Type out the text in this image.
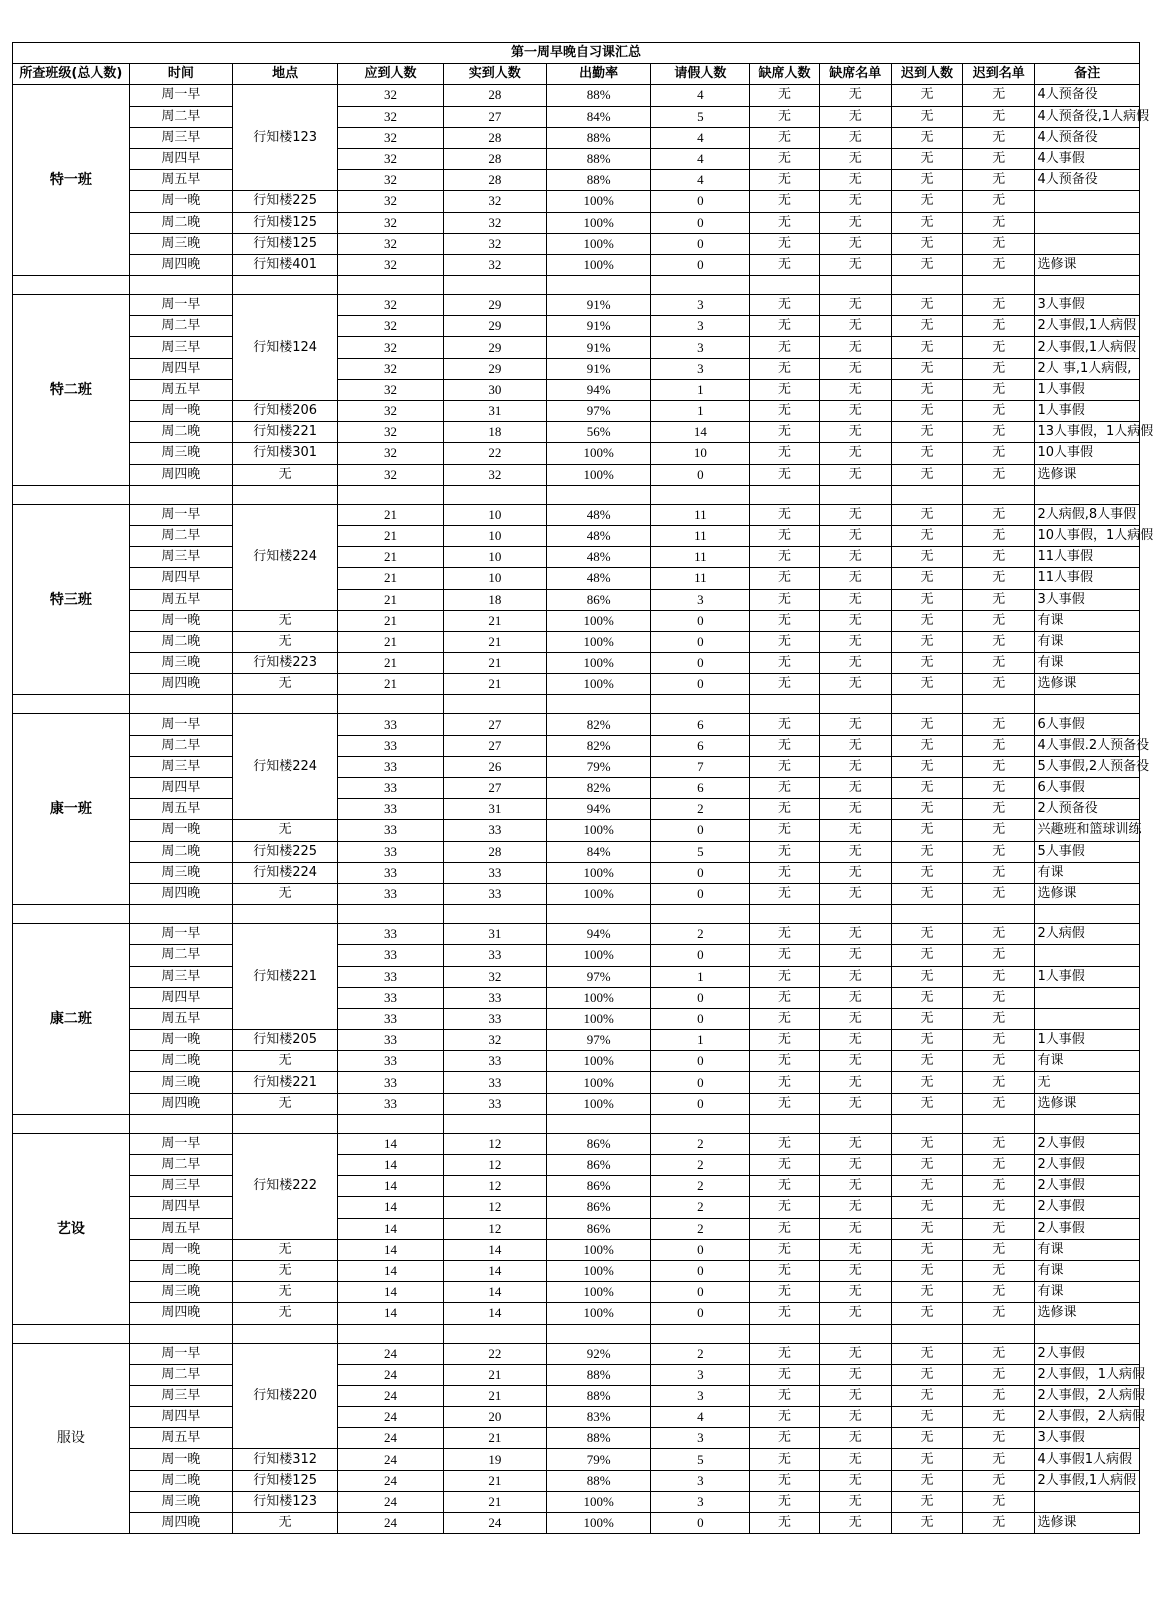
第一周早晚自习课汇总											
所查班级(总人数)	时间	地点	应到人数	实到人数	出勤率	请假人数	缺席人数	缺席名单	迟到人数	迟到名单	备注
特一班	周一早	行知楼123	32	28	88%	4	无	无	无	无	4人预备役
	周二早		32	27	84%	5	无	无	无	无	4人预备役,1人病假
	周三早		32	28	88%	4	无	无	无	无	4人预备役
	周四早		32	28	88%	4	无	无	无	无	4人事假
	周五早		32	28	88%	4	无	无	无	无	4人预备役
	周一晚	行知楼225	32	32	100%	0	无	无	无	无	
	周二晚	行知楼125	32	32	100%	0	无	无	无	无	
	周三晚	行知楼125	32	32	100%	0	无	无	无	无	
	周四晚	行知楼401	32	32	100%	0	无	无	无	无	选修课

特二班	周一早	行知楼124	32	29	91%	3	无	无	无	无	3人事假
	周二早		32	29	91%	3	无	无	无	无	2人事假,1人病假
	周三早		32	29	91%	3	无	无	无	无	2人事假,1人病假
	周四早		32	29	91%	3	无	无	无	无	2人 事,1人病假,
	周五早		32	30	94%	1	无	无	无	无	1人事假
	周一晚	行知楼206	32	31	97%	1	无	无	无	无	1人事假
	周二晚	行知楼221	32	18	56%	14	无	无	无	无	13人事假，1人病假
	周三晚	行知楼301	32	22	100%	10	无	无	无	无	10人事假
	周四晚	无	32	32	100%	0	无	无	无	无	选修课

特三班	周一早	行知楼224	21	10	48%	11	无	无	无	无	2人病假,8人事假
	周二早		21	10	48%	11	无	无	无	无	10人事假，1人病假
	周三早		21	10	48%	11	无	无	无	无	11人事假
	周四早		21	10	48%	11	无	无	无	无	11人事假
	周五早		21	18	86%	3	无	无	无	无	3人事假
	周一晚	无	21	21	100%	0	无	无	无	无	有课
	周二晚	无	21	21	100%	0	无	无	无	无	有课
	周三晚	行知楼223	21	21	100%	0	无	无	无	无	有课
	周四晚	无	21	21	100%	0	无	无	无	无	选修课

康一班	周一早	行知楼224	33	27	82%	6	无	无	无	无	6人事假
	周二早		33	27	82%	6	无	无	无	无	4人事假.2人预备役
	周三早		33	26	79%	7	无	无	无	无	5人事假,2人预备役
	周四早		33	27	82%	6	无	无	无	无	6人事假
	周五早		33	31	94%	2	无	无	无	无	2人预备役
	周一晚	无	33	33	100%	0	无	无	无	无	兴趣班和篮球训练
	周二晚	行知楼225	33	28	84%	5	无	无	无	无	5人事假
	周三晚	行知楼224	33	33	100%	0	无	无	无	无	有课
	周四晚	无	33	33	100%	0	无	无	无	无	选修课

康二班	周一早	行知楼221	33	31	94%	2	无	无	无	无	2人病假
	周二早		33	33	100%	0	无	无	无	无	
	周三早		33	32	97%	1	无	无	无	无	1人事假
	周四早		33	33	100%	0	无	无	无	无	
	周五早		33	33	100%	0	无	无	无	无	
	周一晚	行知楼205	33	32	97%	1	无	无	无	无	1人事假
	周二晚	无	33	33	100%	0	无	无	无	无	有课
	周三晚	行知楼221	33	33	100%	0	无	无	无	无	无
	周四晚	无	33	33	100%	0	无	无	无	无	选修课

艺设	周一早	行知楼222	14	12	86%	2	无	无	无	无	2人事假
	周二早		14	12	86%	2	无	无	无	无	2人事假
	周三早		14	12	86%	2	无	无	无	无	2人事假
	周四早		14	12	86%	2	无	无	无	无	2人事假
	周五早		14	12	86%	2	无	无	无	无	2人事假
	周一晚	无	14	14	100%	0	无	无	无	无	有课
	周二晚	无	14	14	100%	0	无	无	无	无	有课
	周三晚	无	14	14	100%	0	无	无	无	无	有课
	周四晚	无	14	14	100%	0	无	无	无	无	选修课

服设	周一早	行知楼220	24	22	92%	2	无	无	无	无	2人事假
	周二早		24	21	88%	3	无	无	无	无	2人事假，1人病假
	周三早		24	21	88%	3	无	无	无	无	2人事假，2人病假
	周四早		24	20	83%	4	无	无	无	无	2人事假，2人病假
	周五早		24	21	88%	3	无	无	无	无	3人事假
	周一晚	行知楼312	24	19	79%	5	无	无	无	无	4人事假1人病假
	周二晚	行知楼125	24	21	88%	3	无	无	无	无	2人事假,1人病假
	周三晚	行知楼123	24	21	100%	3	无	无	无	无	
	周四晚	无	24	24	100%	0	无	无	无	无	选修课
